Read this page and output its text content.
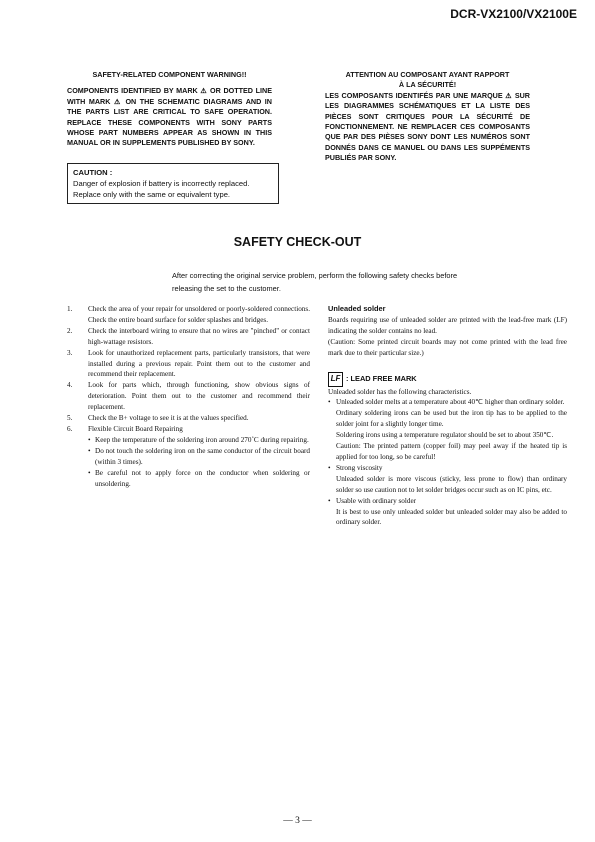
DCR-VX2100/VX2100E
SAFETY-RELATED COMPONENT WARNING!!
COMPONENTS IDENTIFIED BY MARK ⚠ OR DOTTED LINE WITH MARK ⚠ ON THE SCHEMATIC DIAGRAMS AND IN THE PARTS LIST ARE CRITICAL TO SAFE OPERATION. REPLACE THESE COMPONENTS WITH SONY PARTS WHOSE PART NUMBERS APPEAR AS SHOWN IN THIS MANUAL OR IN SUPPLEMENTS PUBLISHED BY SONY.
ATTENTION AU COMPOSANT AYANT RAPPORT
À LA SÉCURITÉ!
LES COMPOSANTS IDENTIFÉS PAR UNE MARQUE ⚠ SUR LES DIAGRAMMES SCHÉMATIQUES ET LA LISTE DES PIÈCES SONT CRITIQUES POUR LA SÉCURITÉ DE FONCTIONNEMENT. NE REMPLACER CES COMPOSANTS QUE PAR DES PIÈSES SONY DONT LES NUMÉROS SONT DONNÉS DANS CE MANUEL OU DANS LES SUPPÉMENTS PUBLIÉS PAR SONY.
CAUTION :
Danger of explosion if battery is incorrectly replaced.
Replace only with the same or equivalent type.
SAFETY CHECK-OUT
After correcting the original service problem, perform the following safety checks before releasing the set to the customer.
1.	Check the area of your repair for unsoldered or poorly-soldered connections. Check the entire board surface for solder splashes and bridges.
2.	Check the interboard wiring to ensure that no wires are "pinched" or contact high-wattage resistors.
3.	Look for unauthorized replacement parts, particularly transistors, that were installed during a previous repair. Point them out to the customer and recommend their replacement.
4.	Look for parts which, through functioning, show obvious signs of deterioration. Point them out to the customer and recommend their replacement.
5.	Check the B+ voltage to see it is at the values specified.
6.	Flexible Circuit Board Repairing
• Keep the temperature of the soldering iron around 270˚C during repairing.
• Do not touch the soldering iron on the same conductor of the circuit board (within 3 times).
• Be careful not to apply force on the conductor when soldering or unsoldering.
Unleaded solder
Boards requiring use of unleaded solder are printed with the lead-free mark (LF) indicating the solder contains no lead.
(Caution: Some printed circuit boards may not come printed with the lead free mark due to their particular size.)
LF : LEAD FREE MARK
Unleaded solder has the following characteristics.
• Unleaded solder melts at a temperature about 40℃ higher than ordinary solder.
Ordinary soldering irons can be used but the iron tip has to be applied to the solder joint for a slightly longer time.
Soldering irons using a temperature regulator should be set to about 350℃.
Caution: The printed pattern (copper foil) may peel away if the heated tip is applied for too long, so be careful!
• Strong viscosity
Unleaded solder is more viscous (sticky, less prone to flow) than ordinary solder so use caution not to let solder bridges occur such as on IC pins, etc.
• Usable with ordinary solder
It is best to use only unleaded solder but unleaded solder may also be added to ordinary solder.
— 3 —
